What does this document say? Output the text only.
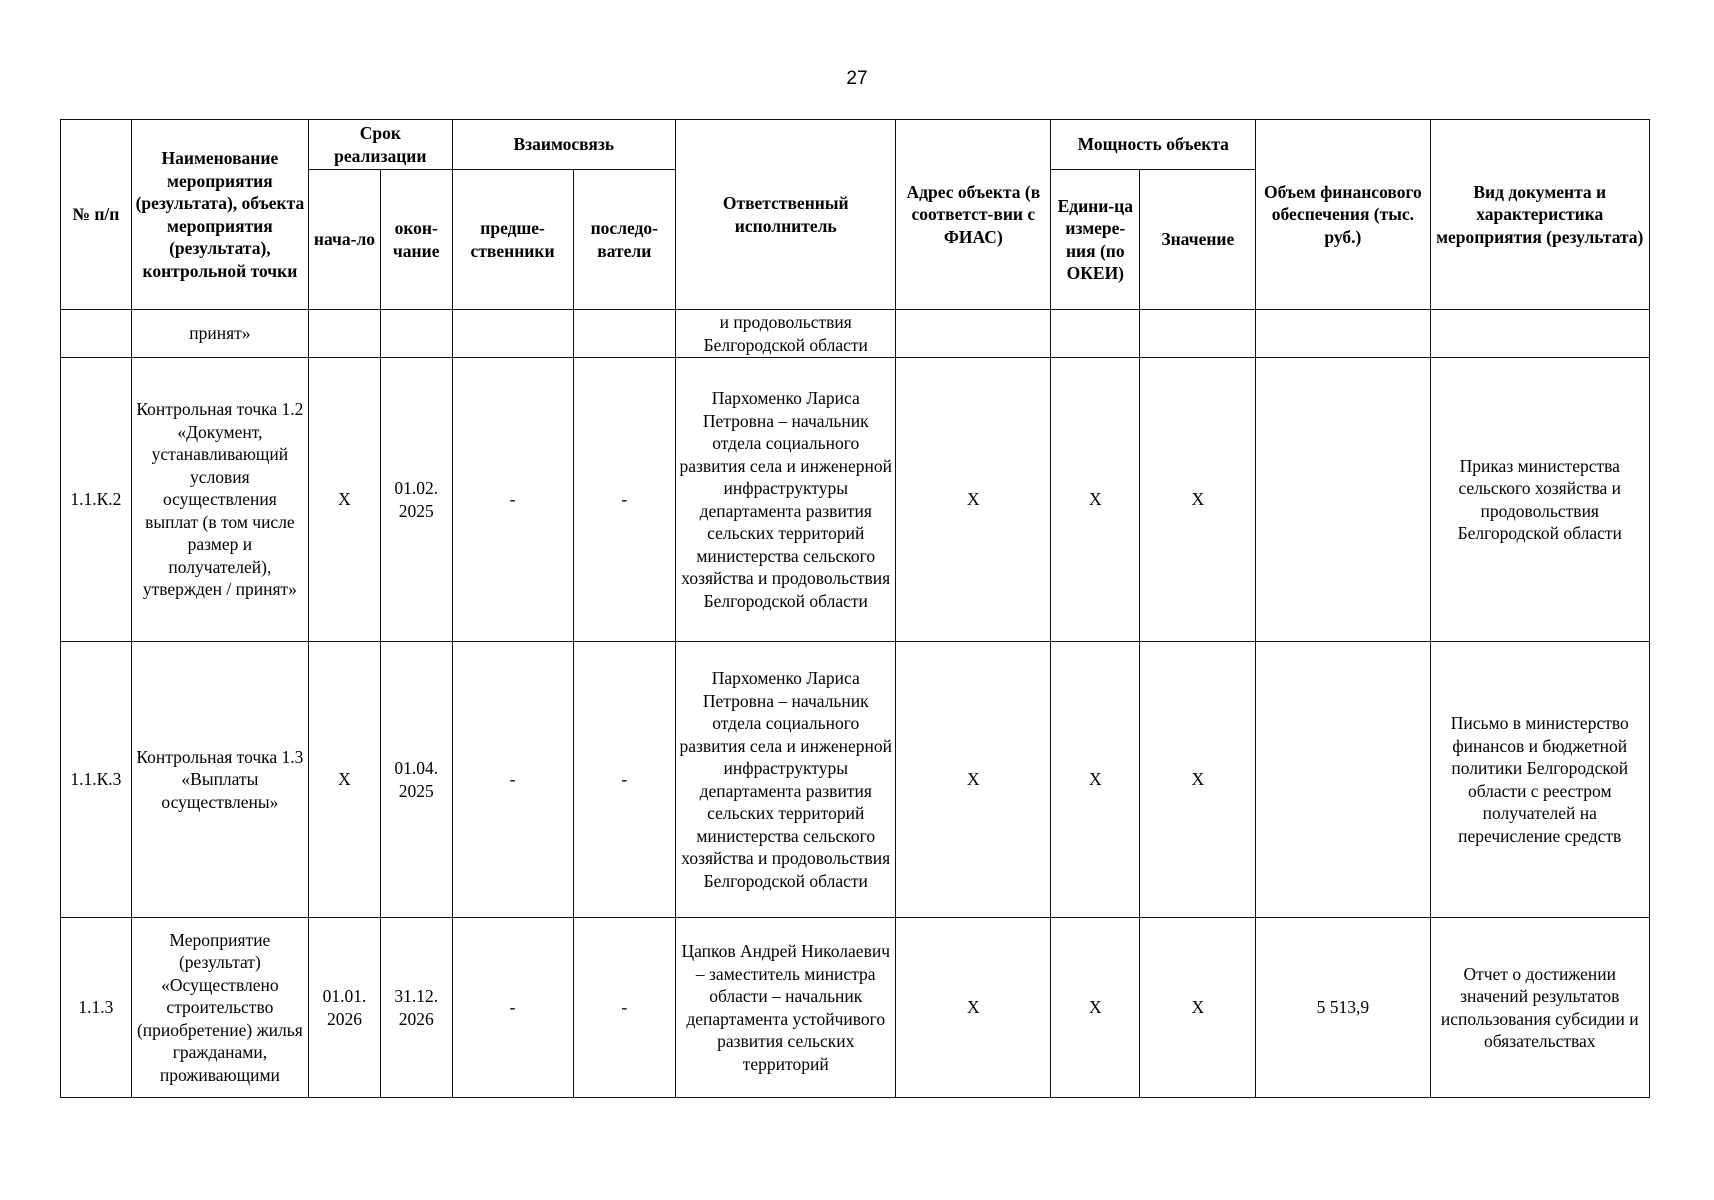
27
№ п/п	Наименование мероприятия (результата), объекта мероприятия (результата), контрольной точки	Срок реализации		Взаимосвязь		Ответственный исполнитель	Адрес объекта (в соответст-вии с ФИАС)	Мощность объекта		Объем финансового обеспечения (тыс. руб.)	Вид документа и характеристика мероприятия (результата)
		нача-ло	окон-чание	предше-ственники	последо-ватели			Едини-ца измере-ния (по ОКЕИ)	Значение		
	принят»					и продовольствия Белгородской области					
1.1.К.2	Контрольная точка 1.2 «Документ, устанавливающий условия осуществления выплат (в том числе размер и получателей), утвержден / принят»	X	01.02. 2025	-	-	Пархоменко Лариса Петровна – начальник отдела социального развития села и инженерной инфраструктуры департамента развития сельских территорий министерства сельского хозяйства и продовольствия Белгородской области	X	X	X		Приказ министерства сельского хозяйства и продовольствия Белгородской области
1.1.К.3	Контрольная точка 1.3 «Выплаты осуществлены»	X	01.04. 2025	-	-	Пархоменко Лариса Петровна – начальник отдела социального развития села и инженерной инфраструктуры департамента развития сельских территорий министерства сельского хозяйства и продовольствия Белгородской области	X	X	X		Письмо в министерство финансов и бюджетной политики Белгородской области с реестром получателей на перечисление средств
1.1.3	Мероприятие (результат) «Осуществлено строительство (приобретение) жилья гражданами, проживающими	01.01. 2026	31.12. 2026	-	-	Цапков Андрей Николаевич – заместитель министра области – начальник департамента устойчивого развития сельских территорий	X	X	X	5 513,9	Отчет о достижении значений результатов использования субсидии и обязательствах
